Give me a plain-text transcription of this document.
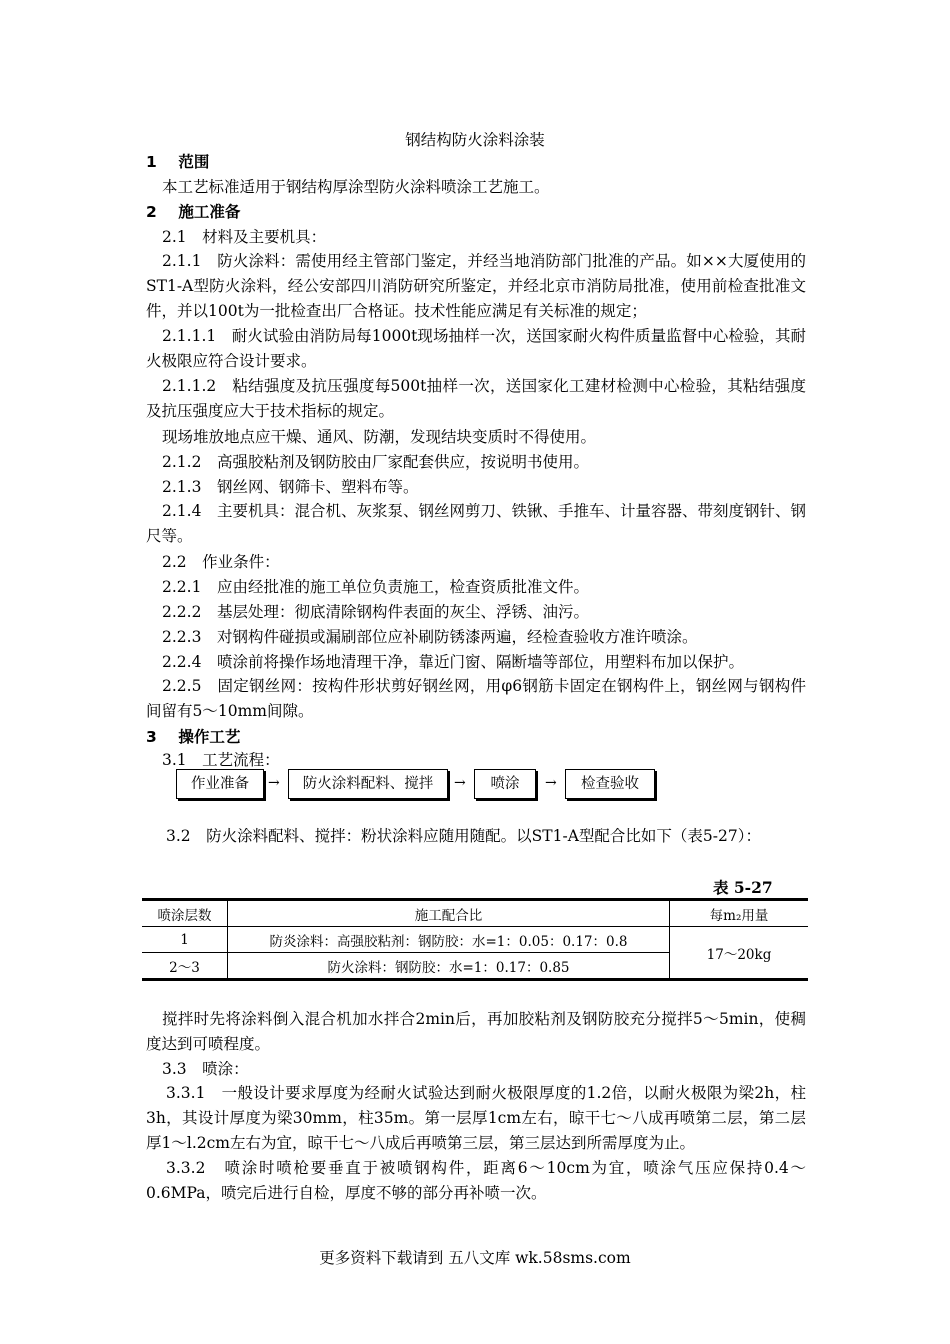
钢结构防火涂料涂装
1 范围
本工艺标准适用于钢结构厚涂型防火涂料喷涂工艺施工。
2 施工准备
2.1　材料及主要机具：
2.1.1　防火涂料：需使用经主管部门鉴定，并经当地消防部门批准的产品。如××大厦使用的ST1-A型防火涂料，经公安部四川消防研究所鉴定，并经北京市消防局批准，使用前检查批准文件，并以100t为一批检查出厂合格证。技术性能应满足有关标准的规定；
2.1.1.1　耐火试验由消防局每1000t现场抽样一次，送国家耐火构件质量监督中心检验，其耐火极限应符合设计要求。
2.1.1.2　粘结强度及抗压强度每500t抽样一次，送国家化工建材检测中心检验，其粘结强度及抗压强度应大于技术指标的规定。
现场堆放地点应干燥、通风、防潮，发现结块变质时不得使用。
2.1.2　高强胶粘剂及钢防胶由厂家配套供应，按说明书使用。
2.1.3　钢丝网、钢筛卡、塑料布等。
2.1.4　主要机具：混合机、灰浆泵、钢丝网剪刀、铁锹、手推车、计量容器、带刻度钢针、钢尺等。
2.2　作业条件：
2.2.1　应由经批准的施工单位负责施工，检查资质批准文件。
2.2.2　基层处理：彻底清除钢构件表面的灰尘、浮锈、油污。
2.2.3　对钢构件碰损或漏刷部位应补刷防锈漆两遍，经检查验收方准许喷涂。
2.2.4　喷涂前将操作场地清理干净，靠近门窗、隔断墙等部位，用塑料布加以保护。
2.2.5　固定钢丝网：按构件形状剪好钢丝网，用φ6钢筋卡固定在钢构件上，钢丝网与钢构件间留有5～10mm间隙。
3 操作工艺
3.1　工艺流程：
作业准备	→	防火涂料配料、搅拌	→	喷涂	→	检查验收
3.2　防火涂料配料、搅拌：粉状涂料应随用随配。以ST1-A型配合比如下（表5-27）：
表 5-27
喷涂层数	施工配合比	每m₂用量
1	防炎涂料：高强胶粘剂：钢防胶：水=1：0.05：0.17：0.8	17～20kg
2～3	防火涂料：钢防胶：水=1：0.17：0.85	
搅拌时先将涂料倒入混合机加水拌合2min后，再加胶粘剂及钢防胶充分搅拌5～5min，使稠度达到可喷程度。
3.3　喷涂：
3.3.1　一般设计要求厚度为经耐火试验达到耐火极限厚度的1.2倍，以耐火极限为梁2h，柱3h，其设计厚度为梁30mm，柱35m。第一层厚1cm左右，晾干七～八成再喷第二层，第二层厚1～l.2cm左右为宜，晾干七～八成后再喷第三层，第三层达到所需厚度为止。
3.3.2　喷涂时喷枪要垂直于被喷钢构件，距离6～10cm为宜，喷涂气压应保持0.4～0.6MPa，喷完后进行自检，厚度不够的部分再补喷一次。
更多资料下载请到 五八文库 wk.58sms.com
